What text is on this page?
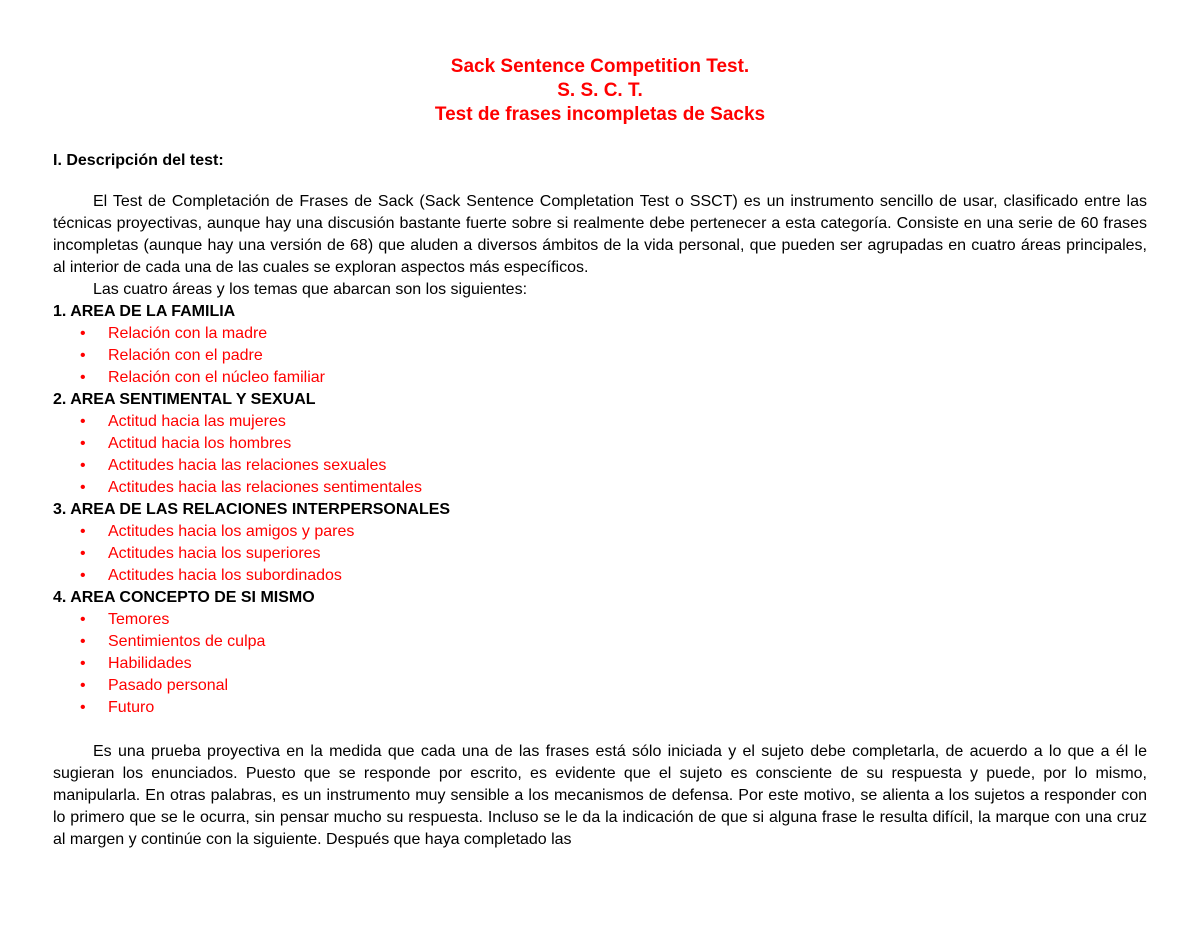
Sack Sentence Competition Test.
S. S. C. T.
Test de frases incompletas de Sacks
I. Descripción del test:

El Test de Completación de Frases de Sack (Sack Sentence Completation Test o SSCT) es un instrumento sencillo de usar, clasificado entre las técnicas proyectivas, aunque hay una discusión bastante fuerte sobre si realmente debe pertenecer a esta categoría. Consiste en una serie de 60 frases incompletas (aunque hay una versión de 68) que aluden a diversos ámbitos de la vida personal, que pueden ser agrupadas en cuatro áreas principales, al interior de cada una de las cuales se exploran aspectos más específicos.

Las cuatro áreas y los temas que abarcan son los siguientes:

1. AREA DE LA FAMILIA
• Relación con la madre
• Relación con el padre
• Relación con el núcleo familiar
2. AREA SENTIMENTAL Y SEXUAL
• Actitud hacia las mujeres
• Actitud hacia los hombres
• Actitudes hacia las relaciones sexuales
• Actitudes hacia las relaciones sentimentales
3. AREA DE LAS RELACIONES INTERPERSONALES
• Actitudes hacia los amigos y pares
• Actitudes hacia los superiores
• Actitudes hacia los subordinados
4. AREA CONCEPTO DE SI MISMO
• Temores
• Sentimientos de culpa
• Habilidades
• Pasado personal
• Futuro

Es una prueba proyectiva en la medida que cada una de las frases está sólo iniciada y el sujeto debe completarla, de acuerdo a lo que a él le sugieran los enunciados. Puesto que se responde por escrito, es evidente que el sujeto es consciente de su respuesta y puede, por lo mismo, manipularla. En otras palabras, es un instrumento muy sensible a los mecanismos de defensa. Por este motivo, se alienta a los sujetos a responder con lo primero que se le ocurra, sin pensar mucho su respuesta. Incluso se le da la indicación de que si alguna frase le resulta difícil, la marque con una cruz al margen y continúe con la siguiente. Después que haya completado las
